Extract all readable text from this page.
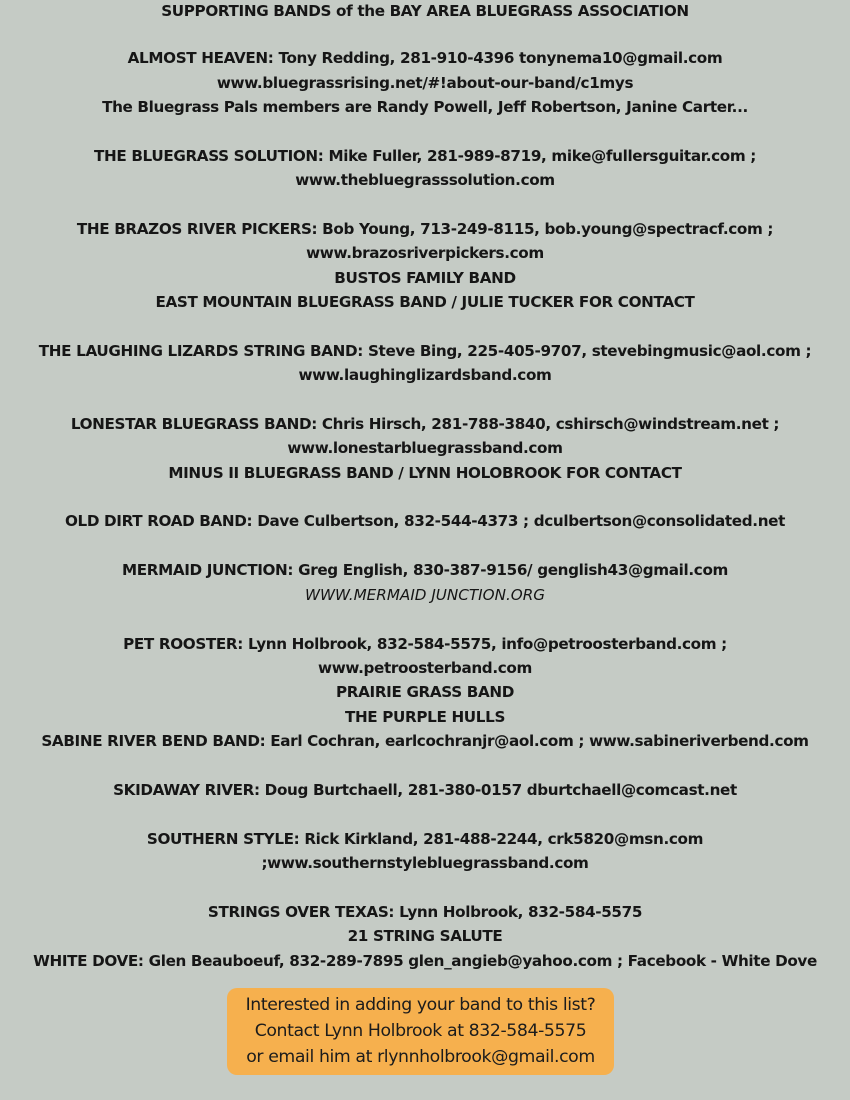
SUPPORTING BANDS of the BAY AREA BLUEGRASS ASSOCIATION
ALMOST HEAVEN: Tony Redding, 281-910-4396 tonynema10@gmail.com
www.bluegrassrising.net/#!about-our-band/c1mys
The Bluegrass Pals members are Randy Powell, Jeff Robertson, Janine Carter...
THE BLUEGRASS SOLUTION: Mike Fuller, 281-989-8719, mike@fullersguitar.com ;
www.thebluegrasssolution.com
THE BRAZOS RIVER PICKERS: Bob Young, 713-249-8115, bob.young@spectracf.com ;
www.brazosriverpickers.com
BUSTOS FAMILY BAND
EAST MOUNTAIN BLUEGRASS BAND / JULIE TUCKER FOR CONTACT
THE LAUGHING LIZARDS STRING BAND: Steve Bing, 225-405-9707, stevebingmusic@aol.com ;
www.laughinglizardsband.com
LONESTAR BLUEGRASS BAND: Chris Hirsch, 281-788-3840, cshirsch@windstream.net ;
www.lonestarbluegrassband.com
MINUS II BLUEGRASS BAND / LYNN HOLOBROOK FOR CONTACT
OLD DIRT ROAD BAND: Dave Culbertson, 832-544-4373 ; dculbertson@consolidated.net
MERMAID JUNCTION: Greg English, 830-387-9156/ genglish43@gmail.com
WWW.MERMAID JUNCTION.ORG
PET ROOSTER: Lynn Holbrook, 832-584-5575, info@petroosterband.com ;
www.petroosterband.com
PRAIRIE GRASS BAND
THE PURPLE HULLS
SABINE RIVER BEND BAND: Earl Cochran, earlcochranjr@aol.com ; www.sabineriverbend.com
SKIDAWAY RIVER: Doug Burtchaell, 281-380-0157 dburtchaell@comcast.net
SOUTHERN STYLE: Rick Kirkland, 281-488-2244, crk5820@msn.com
;www.southernstylebluegrassband.com
STRINGS OVER TEXAS: Lynn Holbrook, 832-584-5575
21 STRING SALUTE
WHITE DOVE: Glen Beauboeuf, 832-289-7895 glen_angieb@yahoo.com ; Facebook - White Dove
Interested in adding your band to this list?
Contact Lynn Holbrook at 832-584-5575
or email him at rlynnholbrook@gmail.com
